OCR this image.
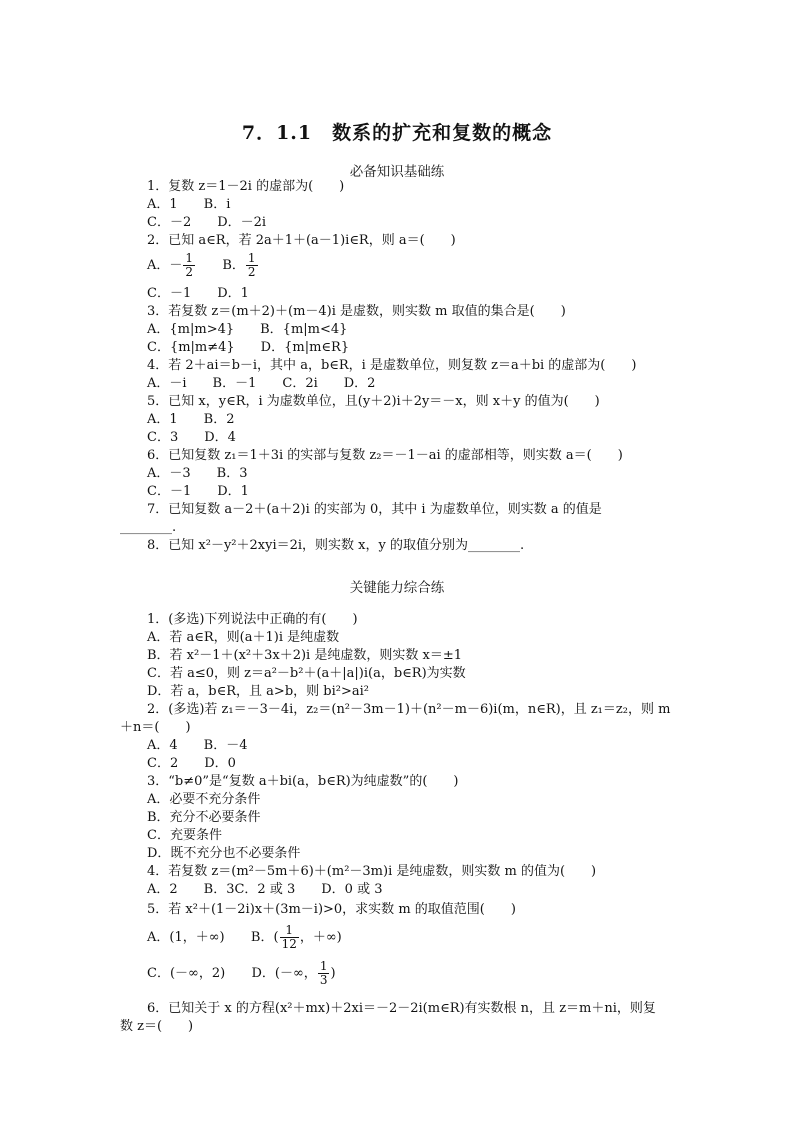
7．1.1　数系的扩充和复数的概念
必备知识基础练
1．复数 z＝1－2i 的虚部为(　　)
A．1　　B．i
C．－2　　D．－2i
2．已知 a∈R，若 2a＋1＋(a－1)i∈R，则 a＝(　　)
A．－ $\frac{1}{2}$ B． $\frac{1}{2}$
C．－1　　D．1
3．若复数 z＝(m＋2)＋(m－4)i 是虚数，则实数 m 取值的集合是(　　)
A．{m|m>4}　　B．{m|m<4}
C．{m|m≠4}　　D．{m|m∈R}
4．若 2＋ai＝b－i，其中 a，b∈R，i 是虚数单位，则复数 z＝a＋bi 的虚部为(　　)
A．－i　　B．－1　　C．2i　　D．2
5．已知 x，y∈R，i 为虚数单位，且(y＋2)i＋2y＝－x，则 x＋y 的值为(　　)
A．1　　B．2
C．3　　D．4
6．已知复数 z₁＝1＋3i 的实部与复数 z₂＝－1－ai 的虚部相等，则实数 a＝(　　)
A．－3　　B．3
C．－1　　D．1
7．已知复数 a－2＋(a＋2)i 的实部为 0，其中 i 为虚数单位，则实数 a 的值是
________.
8．已知 x²－y²＋2xyi＝2i，则实数 x，y 的取值分别为________.
关键能力综合练
1．(多选)下列说法中正确的有(　　)
A．若 a∈R，则(a＋1)i 是纯虚数
B．若 x²－1＋(x²＋3x＋2)i 是纯虚数，则实数 x＝±1
C．若 a≤0，则 z＝a²－b²＋(a＋|a|)i(a，b∈R)为实数
D．若 a，b∈R，且 a>b，则 bi²>ai²
2．(多选)若 z₁＝－3－4i，z₂＝(n²－3m－1)＋(n²－m－6)i(m，n∈R)，且 z₁＝z₂，则 m
＋n＝(　　)
A．4　　B．－4
C．2　　D．0
3．“b≠0”是“复数 a＋bi(a，b∈R)为纯虚数”的(　　)
A．必要不充分条件
B．充分不必要条件
C．充要条件
D．既不充分也不必要条件
4．若复数 z＝(m²－5m＋6)＋(m²－3m)i 是纯虚数，则实数 m 的值为(　　)
A．2　　B．3C．2 或 3　　D．0 或 3
5．若 x²＋(1－2i)x＋(3m－i)>0，求实数 m 的取值范围(　　)
A．(1，＋∞) B．( $\frac{1}{12}$ ，＋∞)
C．(－∞，2) D．(－∞， $\frac{1}{3}$ )
6．已知关于 x 的方程(x²＋mx)＋2xi＝－2－2i(m∈R)有实数根 n，且 z＝m＋ni，则复
数 z＝(　　)
